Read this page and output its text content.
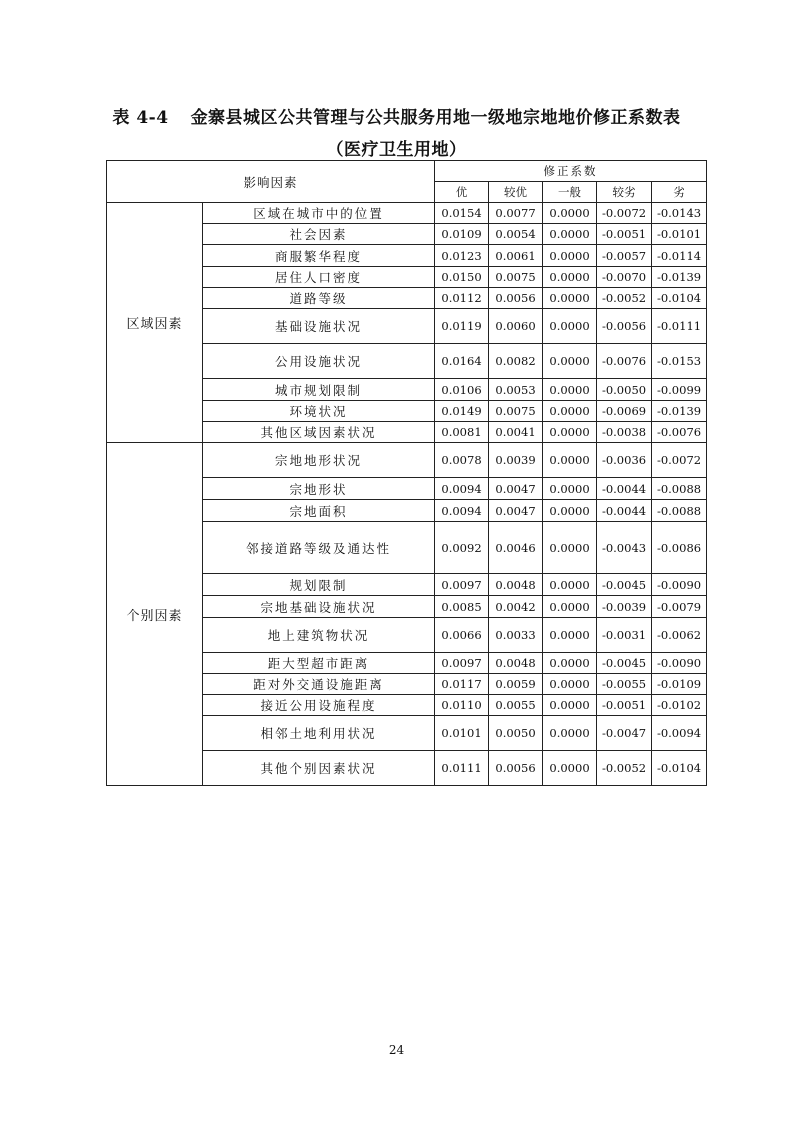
表 4-4 金寨县城区公共管理与公共服务用地一级地宗地地价修正系数表
（医疗卫生用地）
影响因素		修正系数				
		优	较优	一般	较劣	劣
区域因素	区域在城市中的位置	0.0154	0.0077	0.0000	-0.0072	-0.0143
	社会因素	0.0109	0.0054	0.0000	-0.0051	-0.0101
	商服繁华程度	0.0123	0.0061	0.0000	-0.0057	-0.0114
	居住人口密度	0.0150	0.0075	0.0000	-0.0070	-0.0139
	道路等级	0.0112	0.0056	0.0000	-0.0052	-0.0104
	基础设施状况	0.0119	0.0060	0.0000	-0.0056	-0.0111
	公用设施状况	0.0164	0.0082	0.0000	-0.0076	-0.0153
	城市规划限制	0.0106	0.0053	0.0000	-0.0050	-0.0099
	环境状况	0.0149	0.0075	0.0000	-0.0069	-0.0139
	其他区域因素状况	0.0081	0.0041	0.0000	-0.0038	-0.0076
个别因素	宗地地形状况	0.0078	0.0039	0.0000	-0.0036	-0.0072
	宗地形状	0.0094	0.0047	0.0000	-0.0044	-0.0088
	宗地面积	0.0094	0.0047	0.0000	-0.0044	-0.0088
	邻接道路等级及通达性	0.0092	0.0046	0.0000	-0.0043	-0.0086
	规划限制	0.0097	0.0048	0.0000	-0.0045	-0.0090
	宗地基础设施状况	0.0085	0.0042	0.0000	-0.0039	-0.0079
	地上建筑物状况	0.0066	0.0033	0.0000	-0.0031	-0.0062
	距大型超市距离	0.0097	0.0048	0.0000	-0.0045	-0.0090
	距对外交通设施距离	0.0117	0.0059	0.0000	-0.0055	-0.0109
	接近公用设施程度	0.0110	0.0055	0.0000	-0.0051	-0.0102
	相邻土地利用状况	0.0101	0.0050	0.0000	-0.0047	-0.0094
	其他个别因素状况	0.0111	0.0056	0.0000	-0.0052	-0.0104
24
